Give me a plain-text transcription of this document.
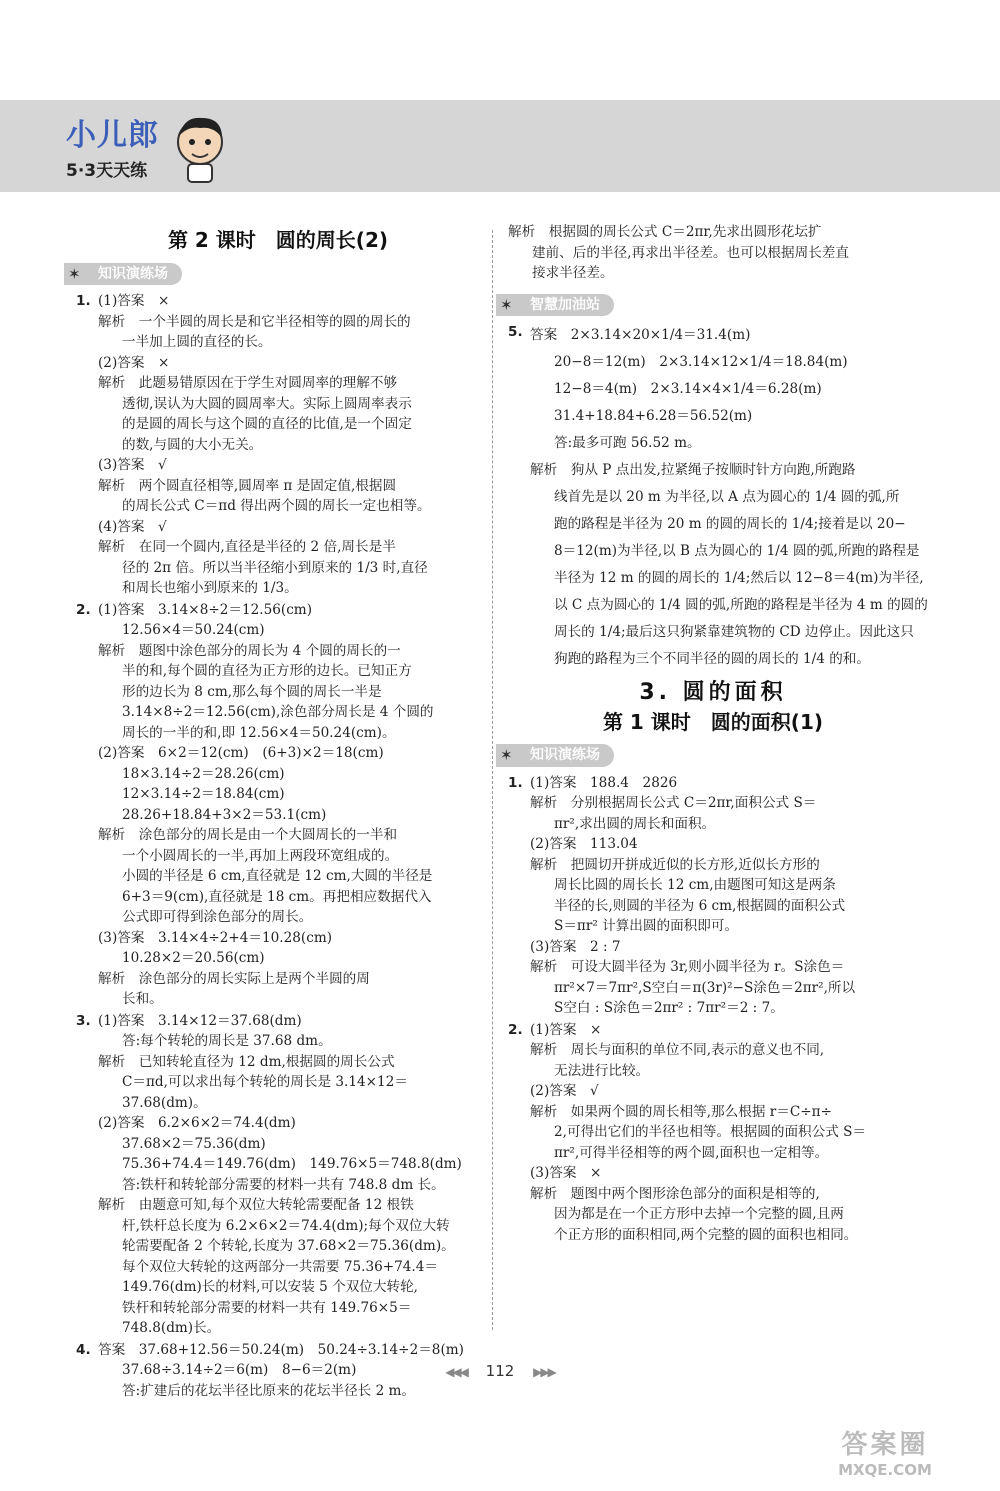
小儿郎
5·3天天练
第 2 课时　圆的周长(2)
✶ 知识演练场
1. (1)答案　×
解析　一个半圆的周长是和它半径相等的圆的周长的
一半加上圆的直径的长。
(2)答案　×
解析　此题易错原因在于学生对圆周率的理解不够
透彻,误认为大圆的圆周率大。实际上圆周率表示
的是圆的周长与这个圆的直径的比值,是一个固定
的数,与圆的大小无关。
(3)答案　√
解析　两个圆直径相等,圆周率 π 是固定值,根据圆
的周长公式 C＝πd 得出两个圆的周长一定也相等。
(4)答案　√
解析　在同一个圆内,直径是半径的 2 倍,周长是半
径的 2π 倍。所以当半径缩小到原来的 1/3 时,直径
和周长也缩小到原来的 1/3。
2. (1)答案　3.14×8÷2＝12.56(cm)
12.56×4＝50.24(cm)
解析　题图中涂色部分的周长为 4 个圆的周长的一
半的和,每个圆的直径为正方形的边长。已知正方
形的边长为 8 cm,那么每个圆的周长一半是
3.14×8÷2＝12.56(cm),涂色部分周长是 4 个圆的
周长的一半的和,即 12.56×4＝50.24(cm)。
(2)答案　6×2＝12(cm)　(6+3)×2＝18(cm)
18×3.14÷2＝28.26(cm)
12×3.14÷2＝18.84(cm)
28.26+18.84+3×2＝53.1(cm)
解析　涂色部分的周长是由一个大圆周长的一半和
一个小圆周长的一半,再加上两段环宽组成的。
小圆的半径是 6 cm,直径就是 12 cm,大圆的半径是
6+3＝9(cm),直径就是 18 cm。再把相应数据代入
公式即可得到涂色部分的周长。
(3)答案　3.14×4÷2+4＝10.28(cm)
10.28×2＝20.56(cm)
解析　涂色部分的周长实际上是两个半圆的周
长和。
3. (1)答案　3.14×12＝37.68(dm)
答:每个转轮的周长是 37.68 dm。
解析　已知转轮直径为 12 dm,根据圆的周长公式
C＝πd,可以求出每个转轮的周长是 3.14×12＝
37.68(dm)。
(2)答案　6.2×6×2＝74.4(dm)
37.68×2＝75.36(dm)
75.36+74.4＝149.76(dm)　149.76×5＝748.8(dm)
答:铁杆和转轮部分需要的材料一共有 748.8 dm 长。
解析　由题意可知,每个双位大转轮需要配备 12 根铁
杆,铁杆总长度为 6.2×6×2＝74.4(dm);每个双位大转
轮需要配备 2 个转轮,长度为 37.68×2＝75.36(dm)。
每个双位大转轮的这两部分一共需要 75.36+74.4＝
149.76(dm)长的材料,可以安装 5 个双位大转轮,
铁杆和转轮部分需要的材料一共有 149.76×5＝
748.8(dm)长。
4. 答案　37.68+12.56＝50.24(m)　50.24÷3.14÷2＝8(m)
37.68÷3.14÷2＝6(m)　8−6＝2(m)
答:扩建后的花坛半径比原来的花坛半径长 2 m。
解析　根据圆的周长公式 C＝2πr,先求出圆形花坛扩
建前、后的半径,再求出半径差。也可以根据周长差直
接求半径差。
✶ 智慧加油站
5. 答案　2×3.14×20×1/4＝31.4(m)
20−8＝12(m)　2×3.14×12×1/4＝18.84(m)
12−8＝4(m)　2×3.14×4×1/4＝6.28(m)
31.4+18.84+6.28＝56.52(m)
答:最多可跑 56.52 m。
解析　狗从 P 点出发,拉紧绳子按顺时针方向跑,所跑路
线首先是以 20 m 为半径,以 A 点为圆心的 1/4 圆的弧,所
跑的路程是半径为 20 m 的圆的周长的 1/4;接着是以 20−
8＝12(m)为半径,以 B 点为圆心的 1/4 圆的弧,所跑的路程是
半径为 12 m 的圆的周长的 1/4;然后以 12−8＝4(m)为半径,
以 C 点为圆心的 1/4 圆的弧,所跑的路程是半径为 4 m 的圆的
周长的 1/4;最后这只狗紧靠建筑物的 CD 边停止。因此这只
狗跑的路程为三个不同半径的圆的周长的 1/4 的和。
3. 圆的面积
第 1 课时　圆的面积(1)
✶ 知识演练场
1. (1)答案　188.4　2826
解析　分别根据周长公式 C＝2πr,面积公式 S＝
πr²,求出圆的周长和面积。
(2)答案　113.04
解析　把圆切开拼成近似的长方形,近似长方形的
周长比圆的周长长 12 cm,由题图可知这是两条
半径的长,则圆的半径为 6 cm,根据圆的面积公式
S＝πr² 计算出圆的面积即可。
(3)答案　2 : 7
解析　可设大圆半径为 3r,则小圆半径为 r。S涂色＝
πr²×7＝7πr²,S空白＝π(3r)²−S涂色＝2πr²,所以
S空白 : S涂色＝2πr² : 7πr²＝2 : 7。
2. (1)答案　×
解析　周长与面积的单位不同,表示的意义也不同,
无法进行比较。
(2)答案　√
解析　如果两个圆的周长相等,那么根据 r＝C÷π÷
2,可得出它们的半径也相等。根据圆的面积公式 S＝
πr²,可得半径相等的两个圆,面积也一定相等。
(3)答案　×
解析　题图中两个图形涂色部分的面积是相等的,
因为都是在一个正方形中去掉一个完整的圆,且两
个正方形的面积相同,两个完整的圆的面积也相同。
◀◀◀ 112 ▶▶▶
答案圈
MXQE.COM
